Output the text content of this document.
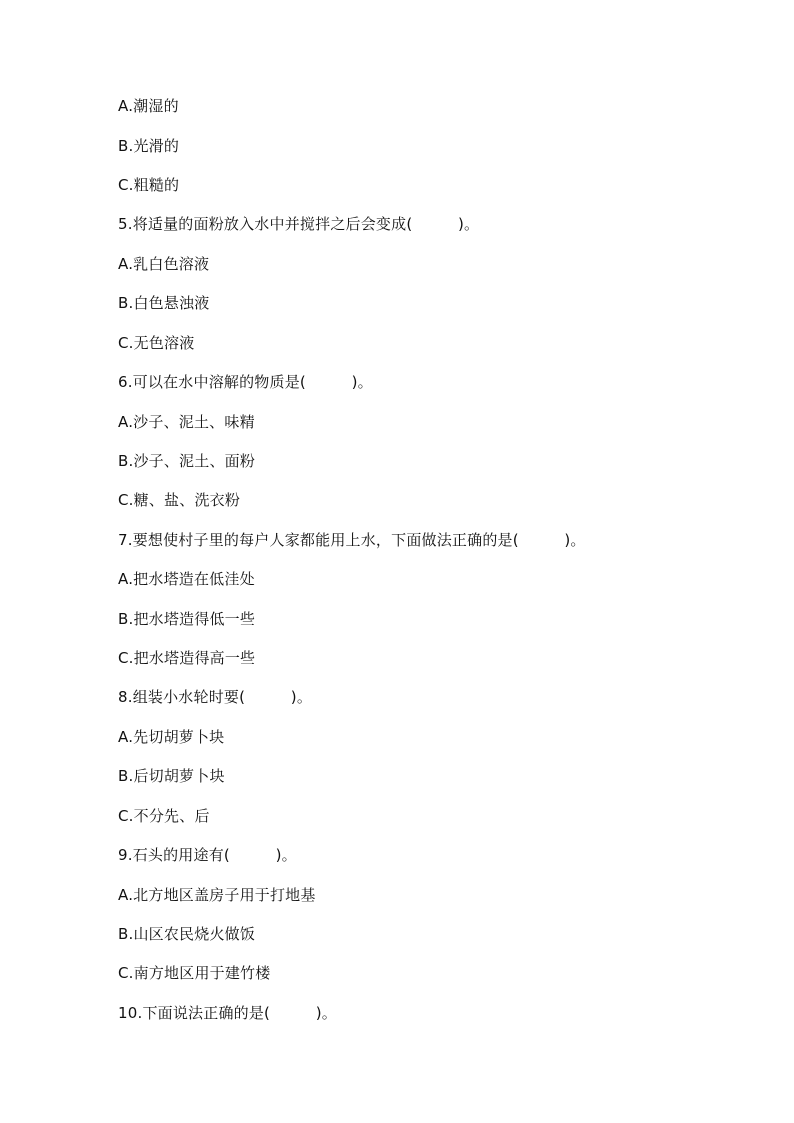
A.潮湿的
B.光滑的
C.粗糙的
5.将适量的面粉放入水中并搅拌之后会变成(　　　)。
A.乳白色溶液
B.白色悬浊液
C.无色溶液
6.可以在水中溶解的物质是(　　　)。
A.沙子、泥土、味精
B.沙子、泥土、面粉
C.糖、盐、洗衣粉
7.要想使村子里的每户人家都能用上水，下面做法正确的是(　　　)。
A.把水塔造在低洼处
B.把水塔造得低一些
C.把水塔造得高一些
8.组装小水轮时要(　　　)。
A.先切胡萝卜块
B.后切胡萝卜块
C.不分先、后
9.石头的用途有(　　　)。
A.北方地区盖房子用于打地基
B.山区农民烧火做饭
C.南方地区用于建竹楼
10.下面说法正确的是(　　　)。
